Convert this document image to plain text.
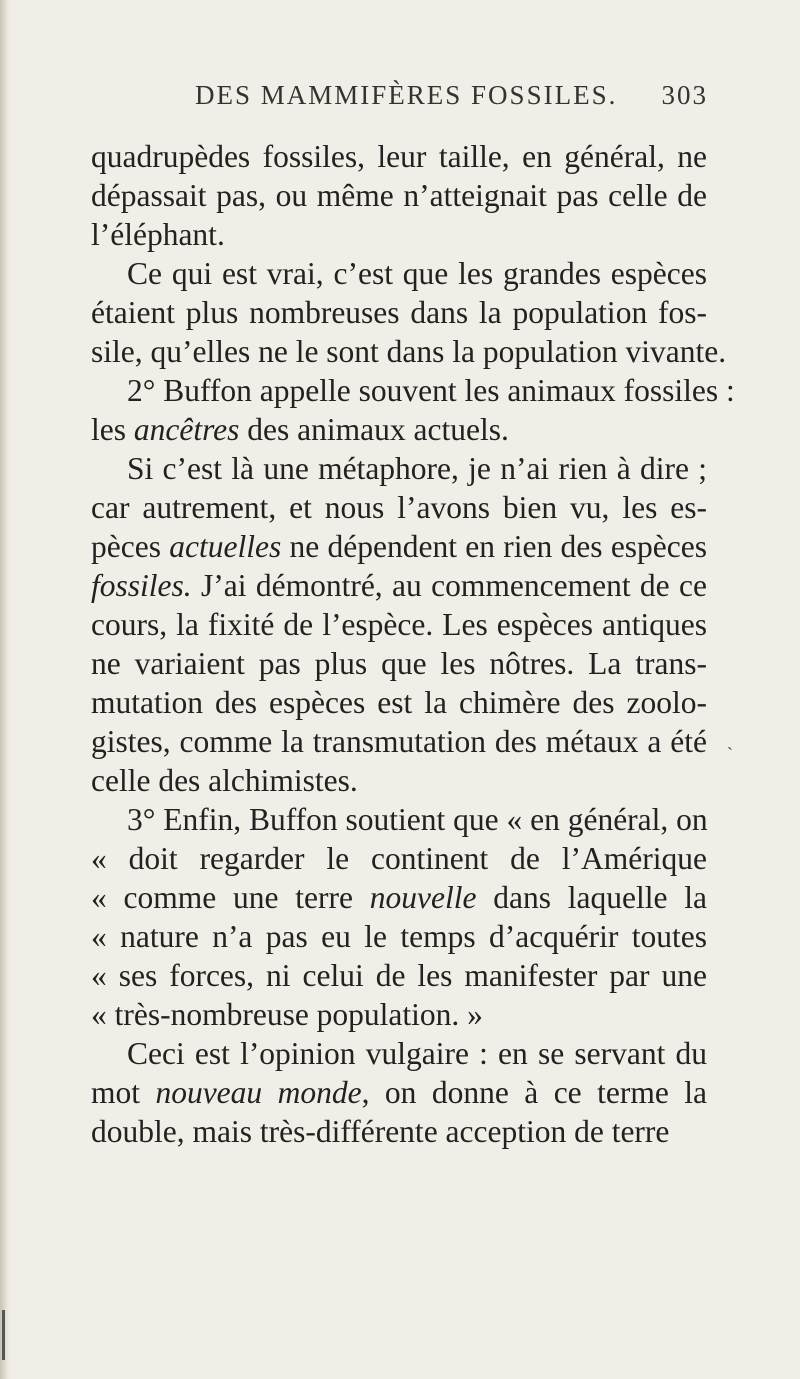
DES MAMMIFÈRES FOSSILES. 303
quadrupèdes fossiles, leur taille, en général, ne
dépassait pas, ou même n’atteignait pas celle de
l’éléphant.
Ce qui est vrai, c’est que les grandes espèces
étaient plus nombreuses dans la population fos-
sile, qu’elles ne le sont dans la population vivante.
2° Buffon appelle souvent les animaux fossiles :
les ancêtres des animaux actuels.
Si c’est là une métaphore, je n’ai rien à dire ;
car autrement, et nous l’avons bien vu, les es-
pèces actuelles ne dépendent en rien des espèces
fossiles. J’ai démontré, au commencement de ce
cours, la fixité de l’espèce. Les espèces antiques
ne variaient pas plus que les nôtres. La trans-
mutation des espèces est la chimère des zoolo-
gistes, comme la transmutation des métaux a été
celle des alchimistes.
3° Enfin, Buffon soutient que « en général, on
« doit regarder le continent de l’Amérique
« comme une terre nouvelle dans laquelle la
« nature n’a pas eu le temps d’acquérir toutes
« ses forces, ni celui de les manifester par une
« très-nombreuse population. »
Ceci est l’opinion vulgaire : en se servant du
mot nouveau monde, on donne à ce terme la
double, mais très-différente acception de terre
ˋ
